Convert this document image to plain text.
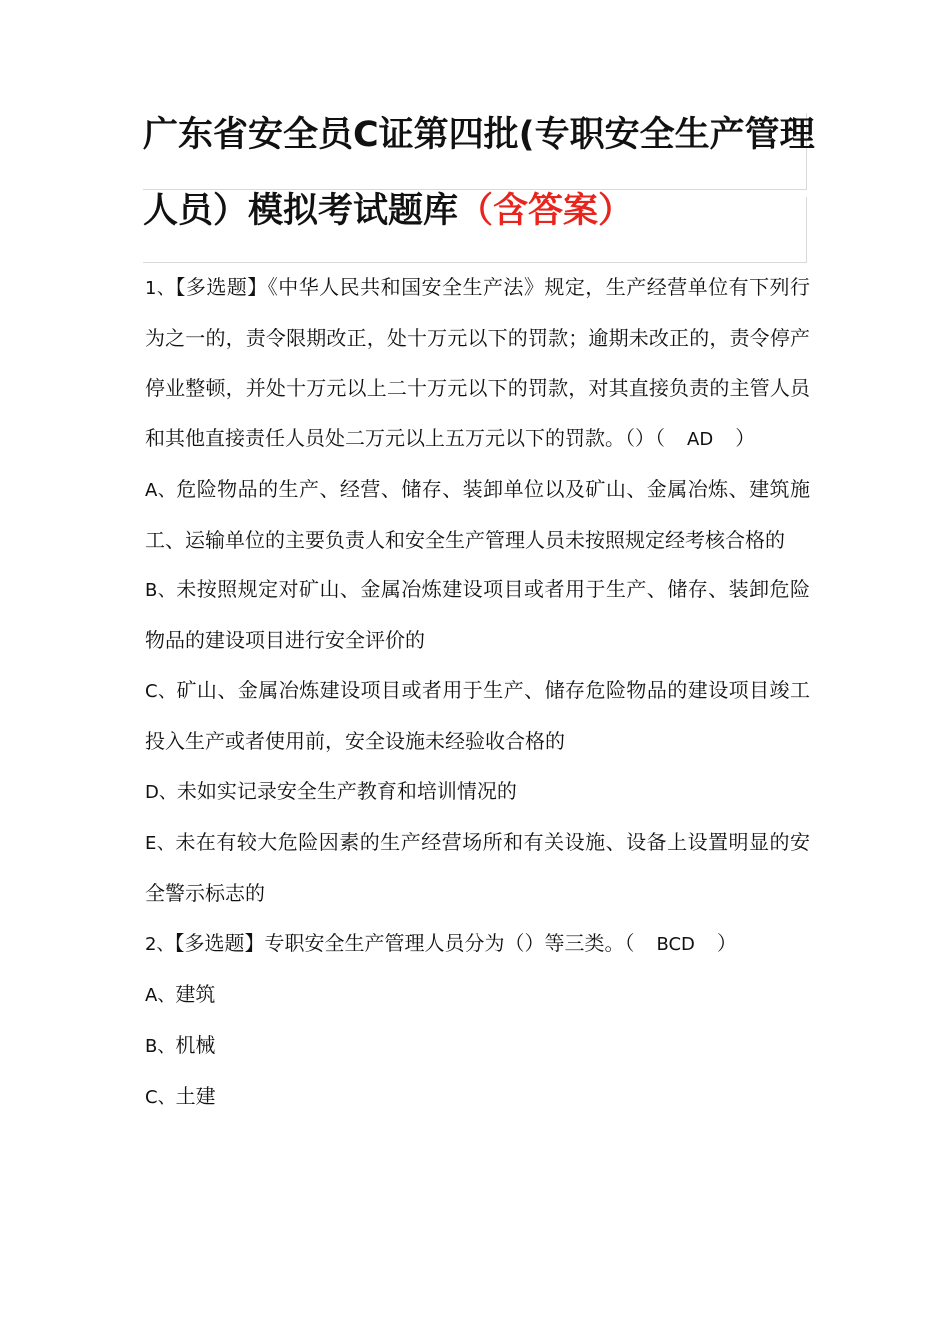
广东省安全员C证第四批(专职安全生产管理
人员）模拟考试题库（含答案）

1、【多选题】《中华人民共和国安全生产法》规定，生产经营单位有下列行为之一的，责令限期改正，处十万元以下的罚款；逾期未改正的，责令停产停业整顿，并处十万元以上二十万元以下的罚款，对其直接负责的主管人员和其他直接责任人员处二万元以上五万元以下的罚款。（）（ AD ）

A、危险物品的生产、经营、储存、装卸单位以及矿山、金属冶炼、建筑施工、运输单位的主要负责人和安全生产管理人员未按照规定经考核合格的

B、未按照规定对矿山、金属冶炼建设项目或者用于生产、储存、装卸危险物品的建设项目进行安全评价的

C、矿山、金属冶炼建设项目或者用于生产、储存危险物品的建设项目竣工投入生产或者使用前，安全设施未经验收合格的

D、未如实记录安全生产教育和培训情况的

E、未在有较大危险因素的生产经营场所和有关设施、设备上设置明显的安全警示标志的

2、【多选题】专职安全生产管理人员分为（）等三类。（ BCD ）

A、建筑

B、机械

C、土建
